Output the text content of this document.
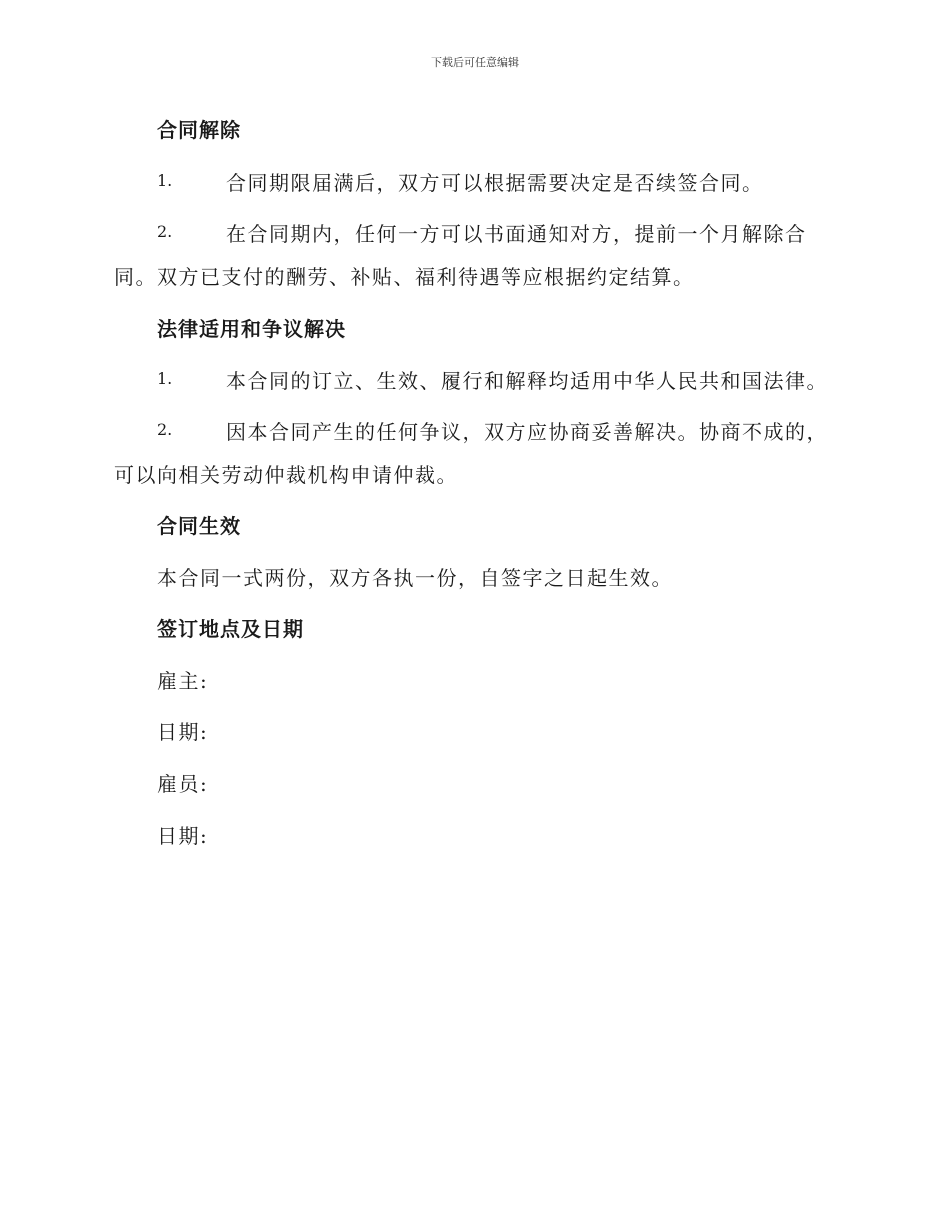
下载后可任意编辑
合同解除
1.	合同期限届满后，双方可以根据需要决定是否续签合同。
2.	在合同期内，任何一方可以书面通知对方，提前一个月解除合
同。双方已支付的酬劳、补贴、福利待遇等应根据约定结算。
法律适用和争议解决
1.	本合同的订立、生效、履行和解释均适用中华人民共和国法律。
2.	因本合同产生的任何争议，双方应协商妥善解决。协商不成的，
可以向相关劳动仲裁机构申请仲裁。
合同生效
本合同一式两份，双方各执一份，自签字之日起生效。
签订地点及日期
雇主:
日期:
雇员:
日期:
